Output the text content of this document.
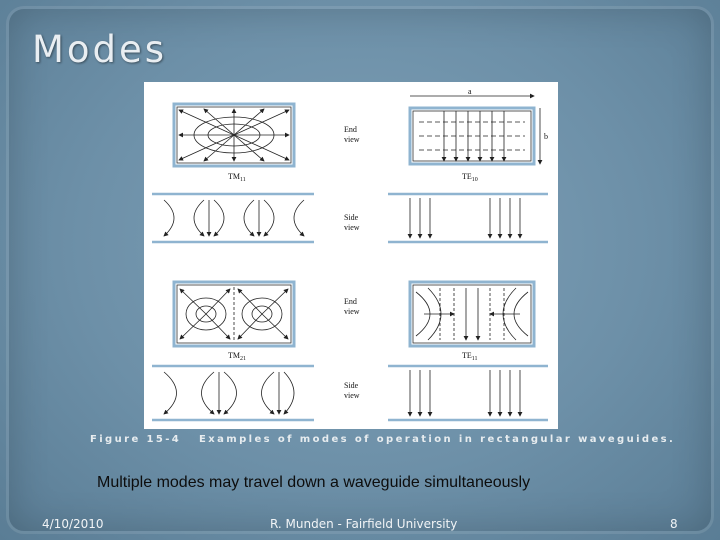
Modes
$TM_{11}$
End view
a
b
$TE_{10}$
Side view
$TM_{21}$
End view
$TE_{11}$
Side view
Figure 15-4 Examples of modes of operation in rectangular waveguides.
Multiple modes may travel down a waveguide simultaneously
4/10/2010	R. Munden - Fairfield University	8
